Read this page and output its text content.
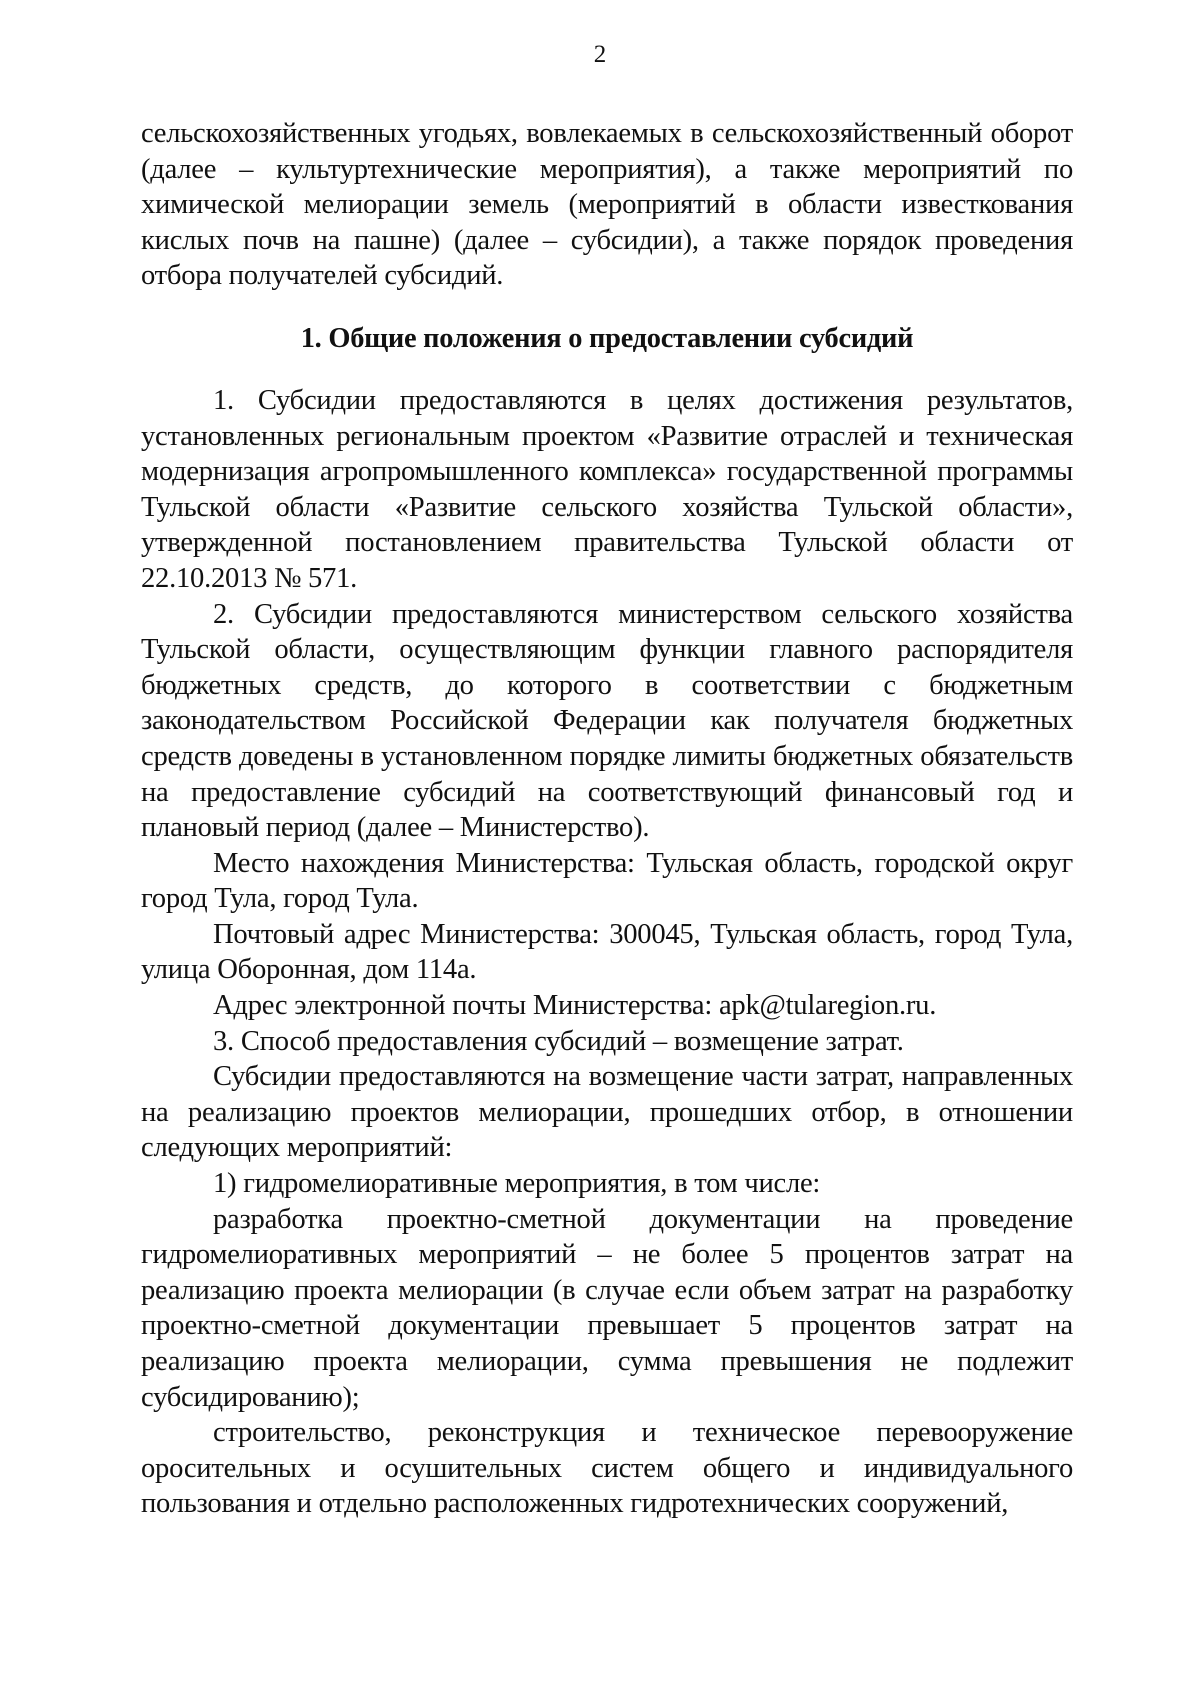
2

сельскохозяйственных угодьях, вовлекаемых в сельскохозяйственный оборот (далее – культуртехнические мероприятия), а также мероприятий по химической мелиорации земель (мероприятий в области известкования кислых почв на пашне) (далее – субсидии), а также порядок проведения отбора получателей субсидий.

1. Общие положения о предоставлении субсидий

1. Субсидии предоставляются в целях достижения результатов, установленных региональным проектом «Развитие отраслей и техническая модернизация агропромышленного комплекса» государственной программы Тульской области «Развитие сельского хозяйства Тульской области», утвержденной постановлением правительства Тульской области от 22.10.2013 № 571.

2. Субсидии предоставляются министерством сельского хозяйства Тульской области, осуществляющим функции главного распорядителя бюджетных средств, до которого в соответствии с бюджетным законодательством Российской Федерации как получателя бюджетных средств доведены в установленном порядке лимиты бюджетных обязательств на предоставление субсидий на соответствующий финансовый год и плановый период (далее – Министерство).

Место нахождения Министерства: Тульская область, городской округ город Тула, город Тула.

Почтовый адрес Министерства: 300045, Тульская область, город Тула, улица Оборонная, дом 114а.

Адрес электронной почты Министерства: apk@tularegion.ru.

3. Способ предоставления субсидий – возмещение затрат.

Субсидии предоставляются на возмещение части затрат, направленных на реализацию проектов мелиорации, прошедших отбор, в отношении следующих мероприятий:

1) гидромелиоративные мероприятия, в том числе:

разработка проектно-сметной документации на проведение гидромелиоративных мероприятий – не более 5 процентов затрат на реализацию проекта мелиорации (в случае если объем затрат на разработку проектно-сметной документации превышает 5 процентов затрат на реализацию проекта мелиорации, сумма превышения не подлежит субсидированию);

строительство, реконструкция и техническое перевооружение оросительных и осушительных систем общего и индивидуального пользования и отдельно расположенных гидротехнических сооружений,
